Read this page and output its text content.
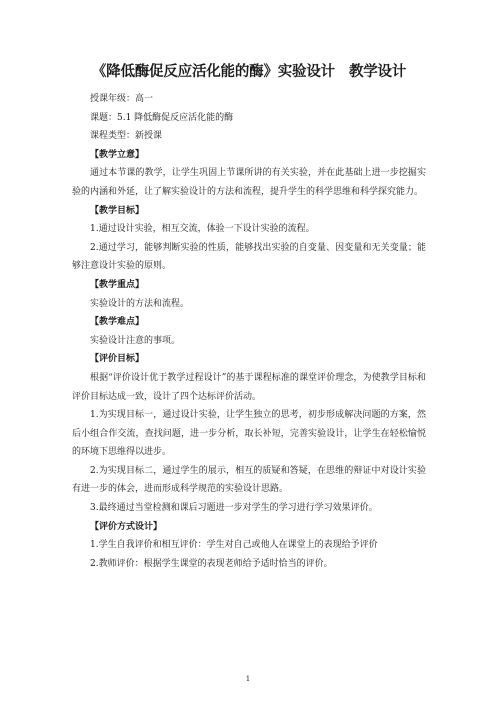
《降低酶促反应活化能的酶》实验设计 教学设计

授课年级：高一

课题：5.1 降低酶促反应活化能的酶

课程类型：新授课

【教学立意】

通过本节课的教学，让学生巩固上节课所讲的有关实验，并在此基础上进一步挖掘实验的内涵和外延，让了解实验设计的方法和流程，提升学生的科学思维和科学探究能力。

【教学目标】

1.通过设计实验，相互交流，体验一下设计实验的流程。

2.通过学习，能够判断实验的性质，能够找出实验的自变量、因变量和无关变量；能够注意设计实验的原则。

【教学重点】

实验设计的方法和流程。

【教学难点】

实验设计注意的事项。

【评价目标】

根据“评价设计优于教学过程设计”的基于课程标准的课堂评价理念，为使教学目标和评价目标达成一致，设计了四个达标评价活动。

1.为实现目标一，通过设计实验，让学生独立的思考，初步形成解决问题的方案，然后小组合作交流，查找问题，进一步分析，取长补短，完善实验设计，让学生在轻松愉悦的环境下思维得以进步。

2.为实现目标二，通过学生的展示，相互的质疑和答疑，在思维的辩证中对设计实验有进一步的体会，进而形成科学规范的实验设计思路。

3.最终通过当堂检测和课后习题进一步对学生的学习进行学习效果评价。

【评价方式设计】

1.学生自我评价和相互评价：学生对自己或他人在课堂上的表现给予评价

2.教师评价：根据学生课堂的表现老师给予适时恰当的评价。

1
